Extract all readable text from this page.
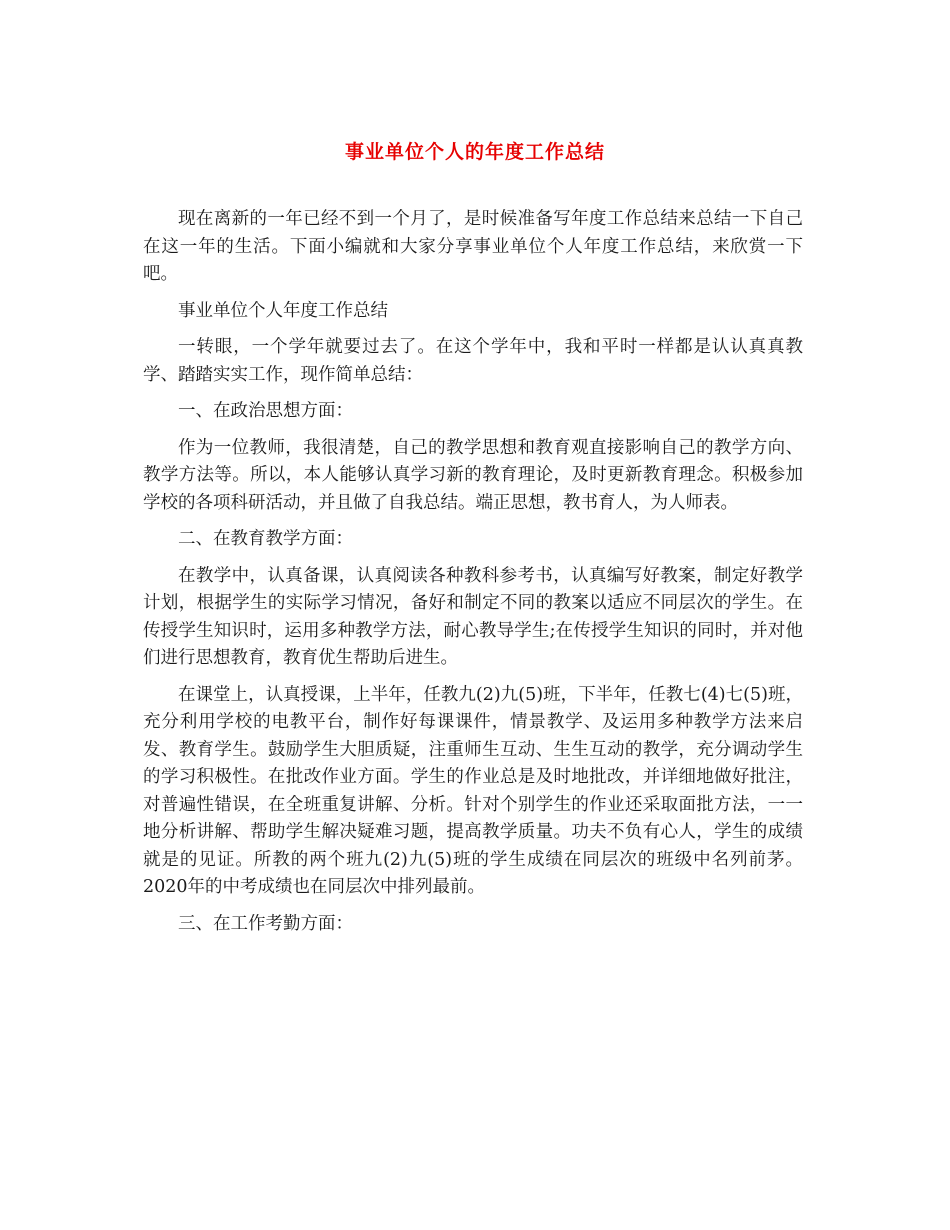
事业单位个人的年度工作总结

现在离新的一年已经不到一个月了，是时候准备写年度工作总结来总结一下自己在这一年的生活。下面小编就和大家分享事业单位个人年度工作总结，来欣赏一下吧。

事业单位个人年度工作总结

一转眼，一个学年就要过去了。在这个学年中，我和平时一样都是认认真真教学、踏踏实实工作，现作简单总结：

一、在政治思想方面：

作为一位教师，我很清楚，自己的教学思想和教育观直接影响自己的教学方向、教学方法等。所以，本人能够认真学习新的教育理论，及时更新教育理念。积极参加学校的各项科研活动，并且做了自我总结。端正思想，教书育人，为人师表。

二、在教育教学方面：

在教学中，认真备课，认真阅读各种教科参考书，认真编写好教案，制定好教学计划，根据学生的实际学习情况，备好和制定不同的教案以适应不同层次的学生。在传授学生知识时，运用多种教学方法，耐心教导学生;在传授学生知识的同时，并对他们进行思想教育，教育优生帮助后进生。

在课堂上，认真授课，上半年，任教九(2)九(5)班，下半年，任教七(4)七(5)班，充分利用学校的电教平台，制作好每课课件，情景教学、及运用多种教学方法来启发、教育学生。鼓励学生大胆质疑，注重师生互动、生生互动的教学，充分调动学生的学习积极性。在批改作业方面。学生的作业总是及时地批改，并详细地做好批注，对普遍性错误，在全班重复讲解、分析。针对个别学生的作业还采取面批方法，一一地分析讲解、帮助学生解决疑难习题，提高教学质量。功夫不负有心人，学生的成绩就是的见证。所教的两个班九(2)九(5)班的学生成绩在同层次的班级中名列前茅。2020年的中考成绩也在同层次中排列最前。

三、在工作考勤方面：
